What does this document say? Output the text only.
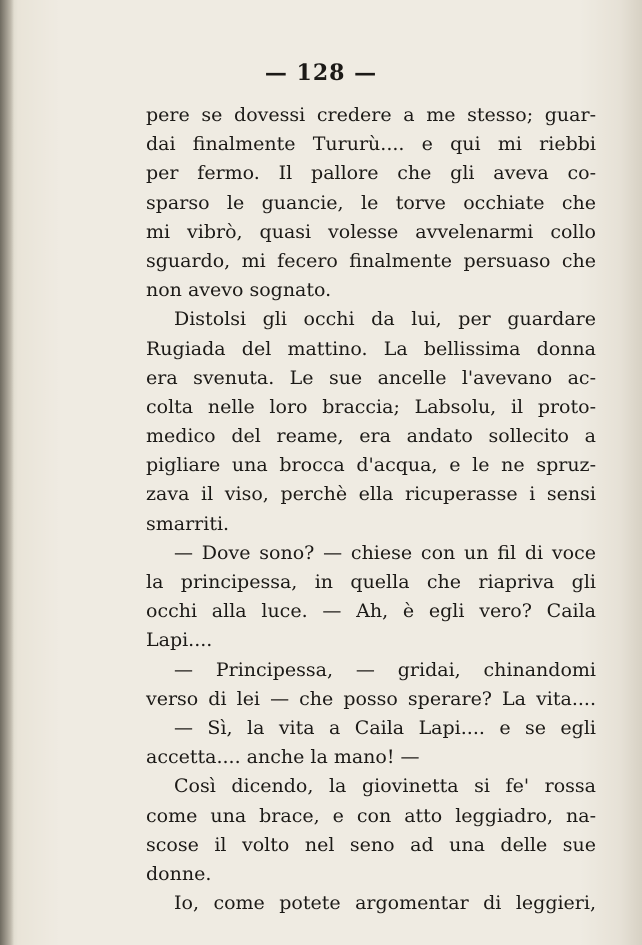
— 128 —
pere se dovessi credere a me stesso; guar-
dai finalmente Tururù.... e qui mi riebbi
per fermo. Il pallore che gli aveva co-
sparso le guancie, le torve occhiate che
mi vibrò, quasi volesse avvelenarmi collo
sguardo, mi fecero finalmente persuaso che
non avevo sognato.
Distolsi gli occhi da lui, per guardare
Rugiada del mattino. La bellissima donna
era svenuta. Le sue ancelle l'avevano ac-
colta nelle loro braccia; Labsolu, il proto-
medico del reame, era andato sollecito a
pigliare una brocca d'acqua, e le ne spruz-
zava il viso, perchè ella ricuperasse i sensi
smarriti.
— Dove sono? — chiese con un fil di voce
la principessa, in quella che riapriva gli
occhi alla luce. — Ah, è egli vero? Caila
Lapi....
— Principessa, — gridai, chinandomi
verso di lei — che posso sperare? La vita....
— Sì, la vita a Caila Lapi.... e se egli
accetta.... anche la mano! —
Così dicendo, la giovinetta si fe' rossa
come una brace, e con atto leggiadro, na-
scose il volto nel seno ad una delle sue
donne.
Io, come potete argomentar di leggieri,
